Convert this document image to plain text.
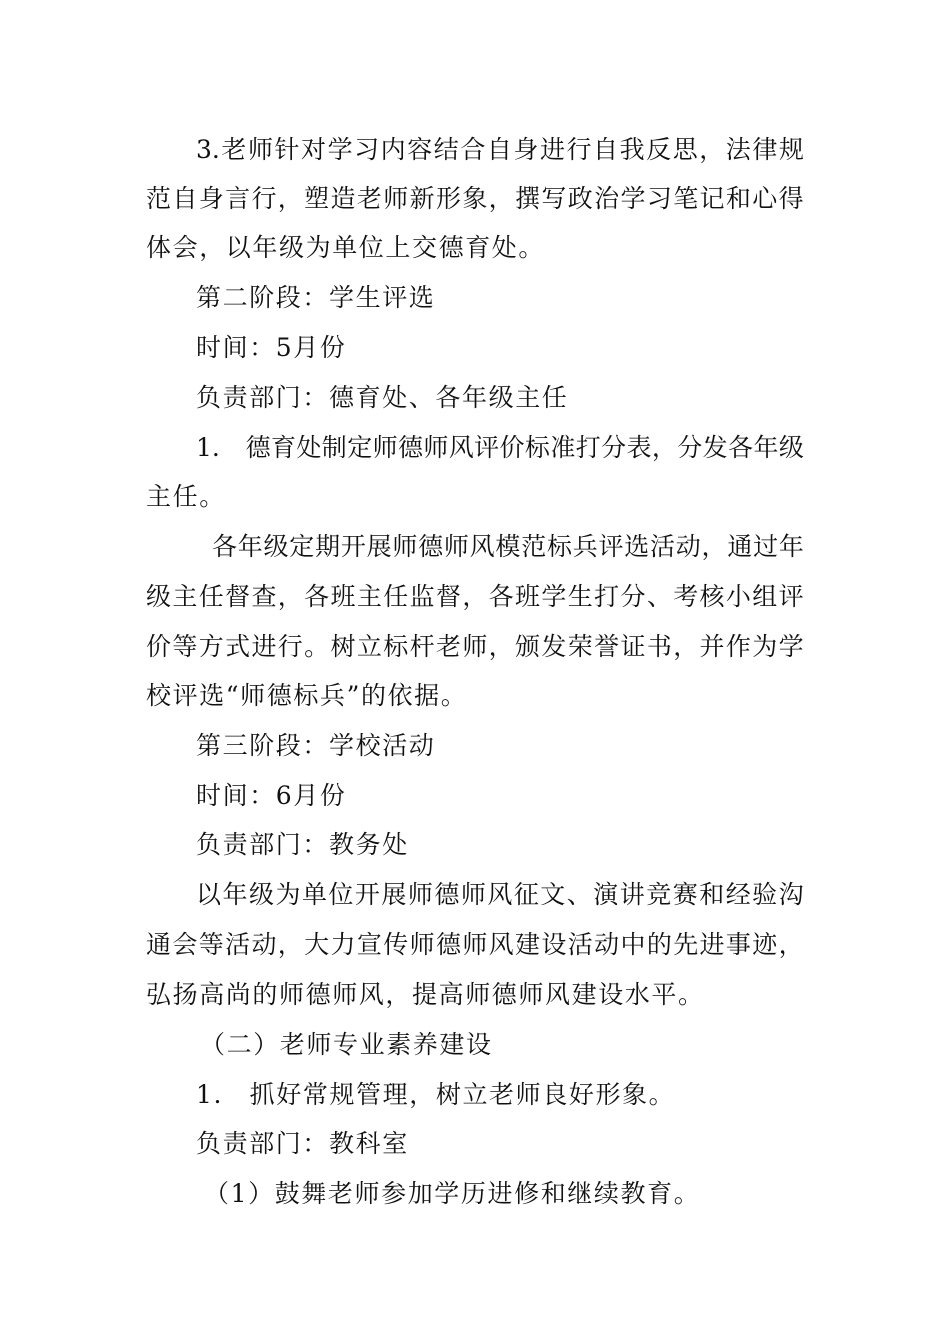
3. 老 师 针 对 学 习 内 容 结 合 自 身 进 行 自 我 反 思 ， 法 律 规
范 自 身 言 行 ， 塑 造 老 师 新 形 象 ， 撰 写 政 治 学 习 笔 记 和 心 得
体会，以年级为单位上交德育处。
第二阶段：学生评选
时间：5月份
负责部门：德育处、各年级主任
1.
　 德 育 处 制 定 师 德 师 风 评 价 标 准 打 分 表 ， 分 发 各 年 级
主任。
各 年 级 定 期 开 展 师 德 师 风 模 范 标 兵 评 选 活 动 ， 通 过 年
级 主 任 督 查 ， 各 班 主 任 监 督 ， 各 班 学 生 打 分 、 考 核 小 组 评
价 等 方 式 进 行 。 树 立 标 杆 老 师 ， 颁 发 荣 誉 证 书 ， 并 作 为 学
校评选“师德标兵”的依据。
第三阶段：学校活动
时间：6月份
负责部门：教务处
以 年 级 为 单 位 开 展 师 德 师 风 征 文 、 演 讲 竞 赛 和 经 验 沟
通 会 等 活 动 ， 大 力 宣 传 师 德 师 风 建 设 活 动 中 的 先 进 事 迹 ，
弘扬高尚的师德师风，提高师德师风建设水平。
（二）老师专业素养建设
1.　抓好常规管理，树立老师良好形象。
负责部门：教科室
（1）鼓舞老师参加学历进修和继续教育。
